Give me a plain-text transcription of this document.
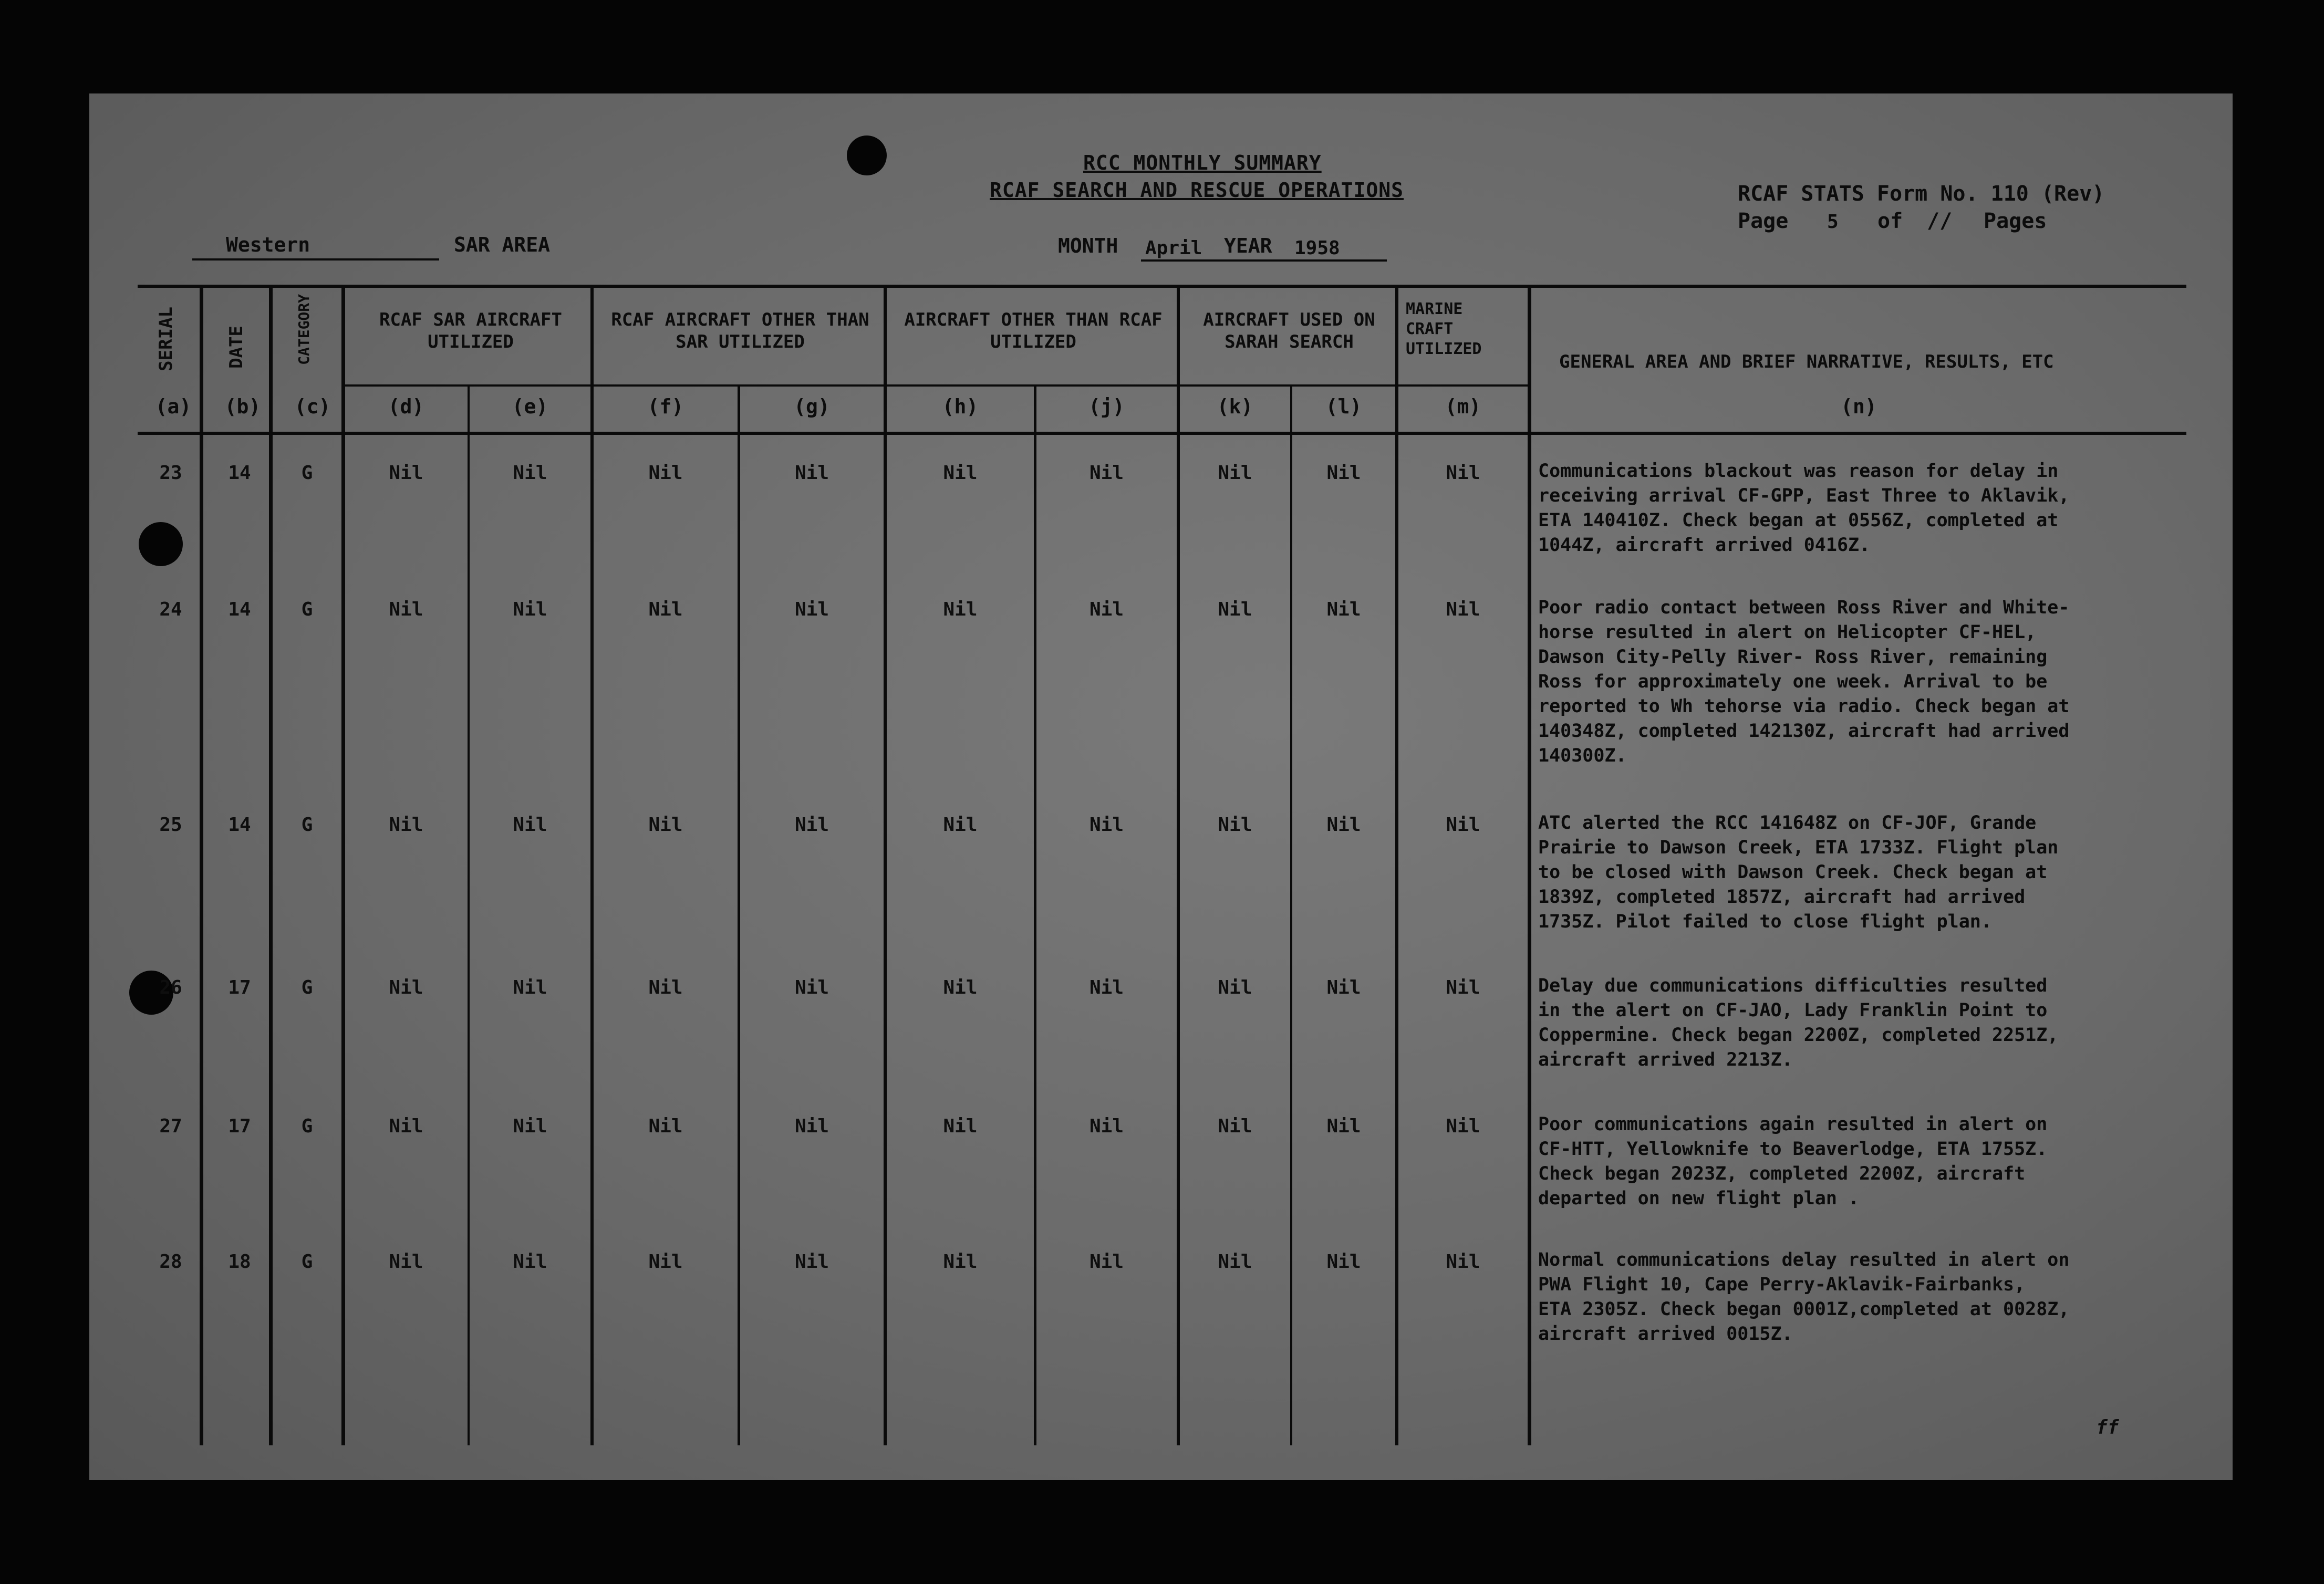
RCC MONTHLY SUMMARY
RCAF SEARCH AND RESCUE OPERATIONS	RCAF STATS Form No. 110 (Rev)
Page 5 of // Pages
Western	SAR AREA	MONTH April YEAR 1958
SERIAL	DATE	CATEGORY	RCAF SAR AIRCRAFT UTILIZED
RCAF AIRCRAFT OTHER THAN SAR UTILIZED
AIRCRAFT OTHER THAN RCAF UTILIZED
AIRCRAFT USED ON SARAH SEARCH
MARINE CRAFT UTILIZED
GENERAL AREA AND BRIEF NARRATIVE, RESULTS, ETC
(a)	(b)	(c)	(d)	(e)	(f)	(g)	(h)	(j)	(k)	(l)	(m)	(n)
23	14	G	Nil	Nil	Nil	Nil	Nil	Nil	Nil	Nil	Nil	Communications blackout was reason for delay in
receiving arrival CF-GPP, East Three to Aklavik,
ETA 140410Z. Check began at 0556Z, completed at
1044Z, aircraft arrived 0416Z.
24	14	G	Nil	Nil	Nil	Nil	Nil	Nil	Nil	Nil	Nil	Poor radio contact between Ross River and White-
horse resulted in alert on Helicopter CF-HEL,
Dawson City-Pelly River- Ross River, remaining
Ross for approximately one week. Arrival to be
reported to Wh tehorse via radio. Check began at
140348Z, completed 142130Z, aircraft had arrived
140300Z.
25	14	G	Nil	Nil	Nil	Nil	Nil	Nil	Nil	Nil	Nil	ATC alerted the RCC 141648Z on CF-JOF, Grande
Prairie to Dawson Creek, ETA 1733Z. Flight plan
to be closed with Dawson Creek. Check began at
1839Z, completed 1857Z, aircraft had arrived
1735Z. Pilot failed to close flight plan.
26	17	G	Nil	Nil	Nil	Nil	Nil	Nil	Nil	Nil	Nil	Delay due communications difficulties resulted
in the alert on CF-JAO, Lady Franklin Point to
Coppermine. Check began 2200Z, completed 2251Z,
aircraft arrived 2213Z.
27	17	G	Nil	Nil	Nil	Nil	Nil	Nil	Nil	Nil	Nil	Poor communications again resulted in alert on
CF-HTT, Yellowknife to Beaverlodge, ETA 1755Z.
Check began 2023Z, completed 2200Z, aircraft
departed on new flight plan .
28	18	G	Nil	Nil	Nil	Nil	Nil	Nil	Nil	Nil	Nil	Normal communications delay resulted in alert on
PWA Flight 10, Cape Perry-Aklavik-Fairbanks,
ETA 2305Z. Check began 0001Z,completed at 0028Z,
aircraft arrived 0015Z.
ff
